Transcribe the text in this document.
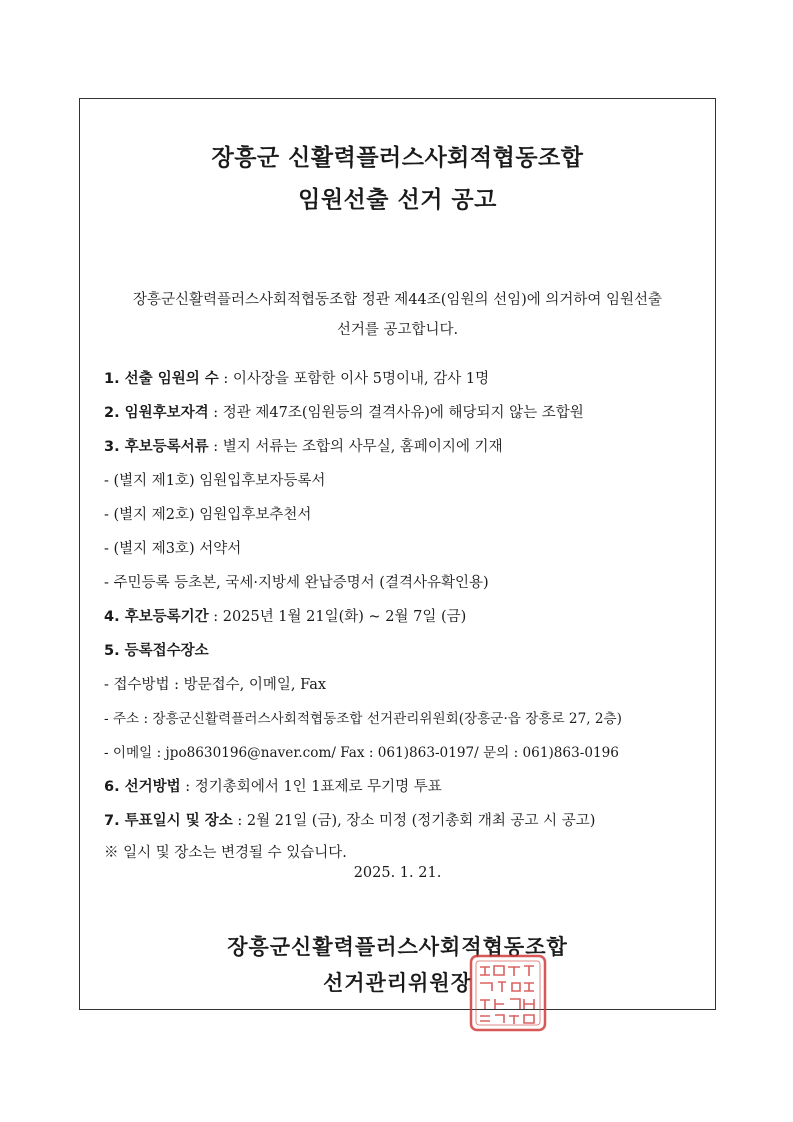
장흥군 신활력플러스사회적협동조합
임원선출 선거 공고
장흥군신활력플러스사회적협동조합 정관 제44조(임원의 선임)에 의거하여 임원선출
선거를 공고합니다.
1. 선출 임원의 수 : 이사장을 포함한 이사 5명이내, 감사 1명
2. 임원후보자격 : 정관 제47조(임원등의 결격사유)에 해당되지 않는 조합원
3. 후보등록서류 : 별지 서류는 조합의 사무실, 홈페이지에 기재
- (별지 제1호) 임원입후보자등록서
- (별지 제2호) 임원입후보추천서
- (별지 제3호) 서약서
- 주민등록 등초본, 국세·지방세 완납증명서 (결격사유확인용)
4. 후보등록기간 : 2025년 1월 21일(화) ~ 2월 7일 (금)
5. 등록접수장소
- 접수방법 : 방문접수, 이메일, Fax
- 주소 : 장흥군신활력플러스사회적협동조합 선거관리위원회(장흥군·읍 장흥로 27, 2층)
- 이메일 : jpo8630196@naver.com/ Fax : 061)863-0197/ 문의 : 061)863-0196
6. 선거방법 : 정기총회에서 1인 1표제로 무기명 투표
7. 투표일시 및 장소 : 2월 21일 (금), 장소 미정 (정기총회 개최 공고 시 공고)
※ 일시 및 장소는 변경될 수 있습니다.
2025. 1. 21.
장흥군신활력플러스사회적협동조합
선거관리위원장
